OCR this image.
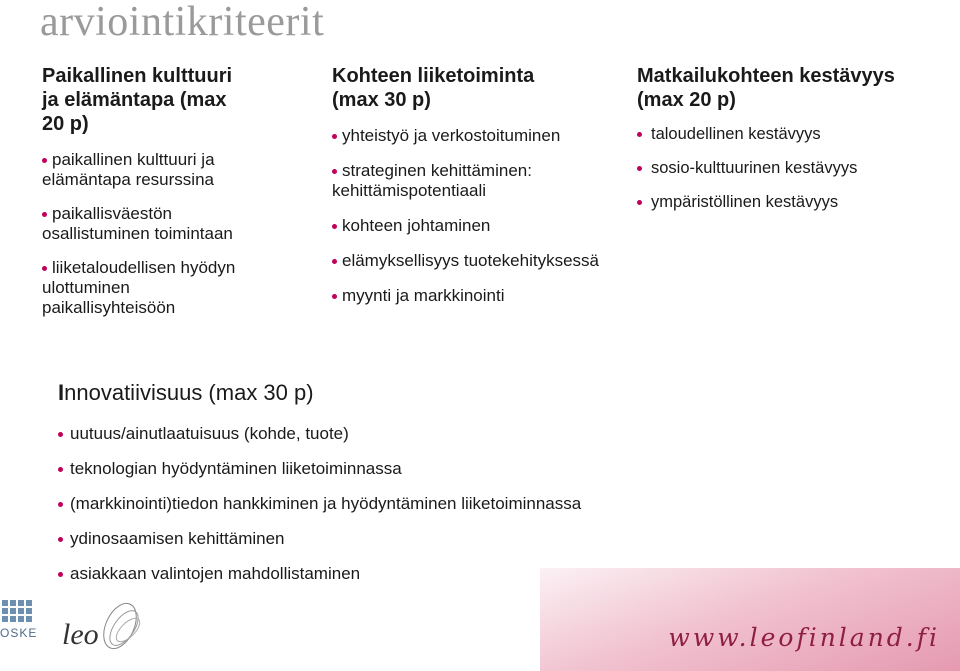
arviointikriteerit
Paikallinen kulttuuri
ja elämäntapa (max
20 p)
paikallinen kulttuuri ja
elämäntapa resurssina
paikallisväestön
osallistuminen toimintaan
liiketaloudellisen hyödyn
ulottuminen
paikallisyhteisöön
Kohteen liiketoiminta
(max 30 p)
yhteistyö ja verkostoituminen
strateginen kehittäminen:
kehittämispotentiaali
kohteen johtaminen
elämyksellisyys tuotekehityksessä
myynti ja markkinointi
Matkailukohteen kestävyys
(max 20 p)
taloudellinen kestävyys
sosio-kulttuurinen kestävyys
ympäristöllinen kestävyys
Innovatiivisuus (max 30 p)
uutuus/ainutlaatuisuus (kohde, tuote)
teknologian hyödyntäminen liiketoiminnassa
(markkinointi)tiedon hankkiminen ja hyödyntäminen liiketoiminnassa
ydinosaamisen kehittäminen
asiakkaan valintojen mahdollistaminen
www.leofinland.fi
OSKE leo
